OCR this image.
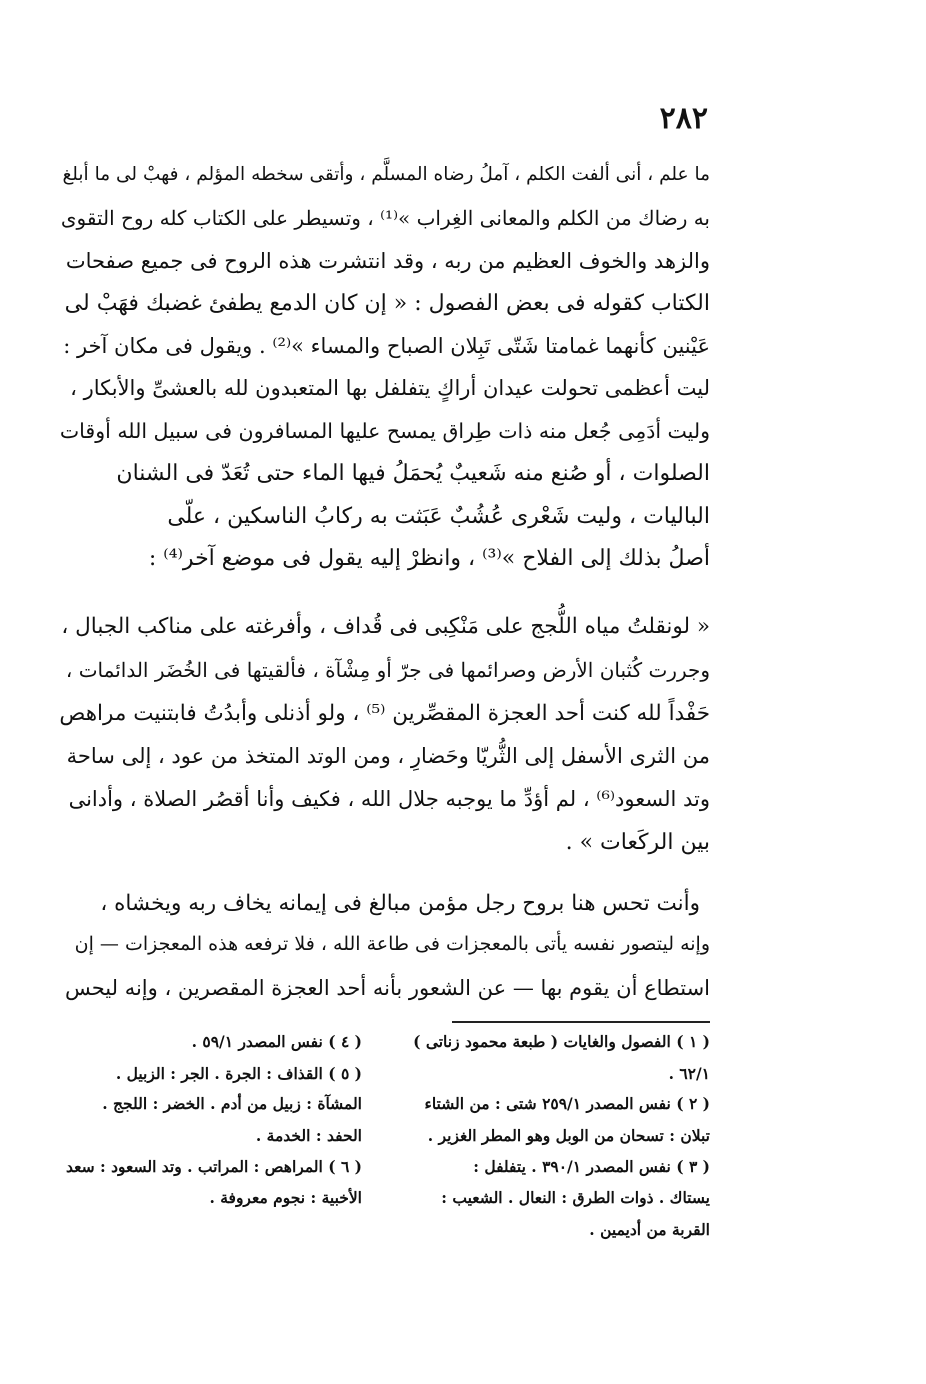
٢٨٢
ما علم ، أنى ألفت الكلم ، آملُ رضاه المسلَّم ، وأتقى سخطه المؤلم ، فهبْ لى ما أبلغ
به رضاك من الكلم والمعانى الغِراب »⁽¹⁾ ، وتسيطر على الكتاب كله روح التقوى
والزهد والخوف العظيم من ربه ، وقد انتشرت هذه الروح فى جميع صفحات
الكتاب كقوله فى بعض الفصول : « إن كان الدمع يطفئ غضبك فهَبْ لى
عَيْنين كأنهما غمامتا شَتّى تَبِلان الصباح والمساء »⁽²⁾ . ويقول فى مكان آخر :
ليت أعظمى تحولت عيدان أراكٍ يتفلفل بها المتعبدون لله بالعشىِّ والأبكار ،
وليت أدَمِى جُعل منه ذات طِراق يمسح عليها المسافرون فى سبيل الله أوقات
الصلوات ، أو صُنع منه شَعيبٌ يُحمَلُ فيها الماء حتى تُعَدّ فى الشنان
الباليات ، وليت شَعْرى عُشُبٌ عَبَثت به ركابُ الناسكين ، علّى
أصلُ بذلك إلى الفلاح »⁽³⁾ ، وانظرْ إليه يقول فى موضع آخر⁽⁴⁾ :
« لونقلتُ مياه اللُّجج على مَنْكِبى فى قُداف ، وأفرغته على مناكب الجبال ،
وجررت كُثبان الأرض وصرائمها فى جرّ أو مِشْآة ، فألقيتها فى الخُضَر الدائمات ،
حَفْداً لله كنت أحد العجزة المقصِّرين ⁽⁵⁾ ، ولو أذنلى وأبدُتُ فابتنيت مراهص
من الثرى الأسفل إلى الثُّريّا وحَضارِ ، ومن الوتد المتخذ من عود ، إلى ساحة
وتد السعود⁽⁶⁾ ، لم أؤدِّ ما يوجبه جلال الله ، فكيف وأنا أقصُر الصلاة ، وأدانى
بين الركَعات » .
وأنت تحس هنا بروح رجل مؤمن مبالغ فى إيمانه يخاف ربه ويخشاه ،
وإنه ليتصور نفسه يأتى بالمعجزات فى طاعة الله ، فلا ترفعه هذه المعجزات — إن
استطاع أن يقوم بها — عن الشعور بأنه أحد العجزة المقصرين ، وإنه ليحس
( ١ ) الفصول والغايات ( طبعة محمود زناتى )
٦٢/١ .
( ٢ ) نفس المصدر ٢٥٩/١ شتى : من الشتاء
تبلان : تسحان من الوبل وهو المطر الغزير .
( ٣ ) نفس المصدر ٣٩٠/١ . يتفلفل :
يستاك . ذوات الطرق : النعال . الشعيب :
القربة من أديمين .
( ٤ ) نفس المصدر ٥٩/١ .
( ٥ ) القذاف : الجرة . الجر : الزبيل .
المشآة : زبيل من أدم . الخضر : اللجج .
الحفد : الخدمة .
( ٦ ) المراهص : المراتب . وتد السعود : سعد
الأخبية : نجوم معروفة .
